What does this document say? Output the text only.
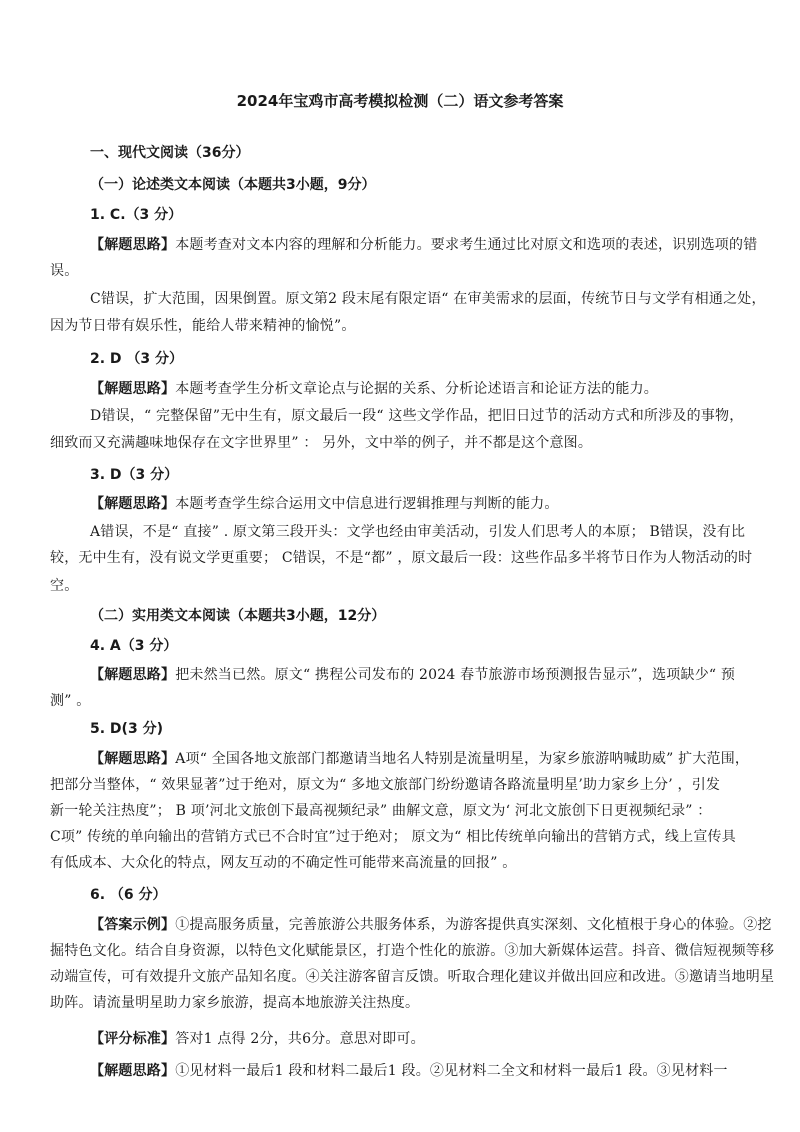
2024年宝鸡市高考模拟检测（二）语文参考答案
一、现代文阅读（36分）
（一）论述类文本阅读（本题共3小题，9分）
1. C.（3 分）
【解题思路】本题考查对文本内容的理解和分析能力。要求考生通过比对原文和选项的表述，识别选项的错
误。
C错误，扩大范围，因果倒置。原文第2 段末尾有限定语“ 在审美需求的层面，传统节日与文学有相通之处，
因为节日带有娱乐性，能给人带来精神的愉悦”。
2. D （3 分）
【解题思路】本题考查学生分析文章论点与论据的关系、分析论述语言和论证方法的能力。
D错误，“ 完整保留”无中生有，原文最后一段“ 这些文学作品，把旧日过节的活动方式和所涉及的事物，
细致而又充满趣味地保存在文字世界里” ： 另外，文中举的例子，并不都是这个意图。
3. D（3 分）
【解题思路】本题考查学生综合运用文中信息进行逻辑推理与判断的能力。
A错误，不是“ 直接” . 原文第三段开头：文学也经由审美活动，引发人们思考人的本原； B错误，没有比
较，无中生有，没有说文学更重要； C错误，不是“都” ，原文最后一段：这些作品多半将节日作为人物活动的时
空。
（二）实用类文本阅读（本题共3小题，12分）
4. A（3 分）
【解题思路】把未然当已然。原文“ 携程公司发布的 2024 春节旅游市场预测报告显示”，选项缺少“ 预
测” 。
5. D(3 分)
【解题思路】A项“ 全国各地文旅部门都邀请当地名人特别是流量明星，为家乡旅游呐喊助威” 扩大范围，
把部分当整体，“ 效果显著”过于绝对，原文为“ 多地文旅部门纷纷邀请各路流量明星’助力家乡上分’ ，引发
新一轮关注热度”； B 项’河北文旅创下最高视频纪录” 曲解文意，原文为‘ 河北文旅创下日更视频纪录” ：
C项” 传统的单向输出的营销方式已不合时宜”过于绝对； 原文为“ 相比传统单向输出的营销方式，线上宣传具
有低成本、大众化的特点，网友互动的不确定性可能带来高流量的回报” 。
6. （6 分）
【答案示例】①提高服务质量，完善旅游公共服务体系，为游客提供真实深刻、文化植根于身心的体验。②挖
掘特色文化。结合自身资源，以特色文化赋能景区，打造个性化的旅游。③加大新媒体运营。抖音、微信短视频等移
动端宣传，可有效提升文旅产品知名度。④关注游客留言反馈。听取合理化建议并做出回应和改进。⑤邀请当地明星
助阵。请流量明星助力家乡旅游，提高本地旅游关注热度。
【评分标准】答对1 点得 2分，共6分。意思对即可。
【解题思路】①见材料一最后1 段和材料二最后1 段。②见材料二全文和材料一最后1 段。③见材料一
